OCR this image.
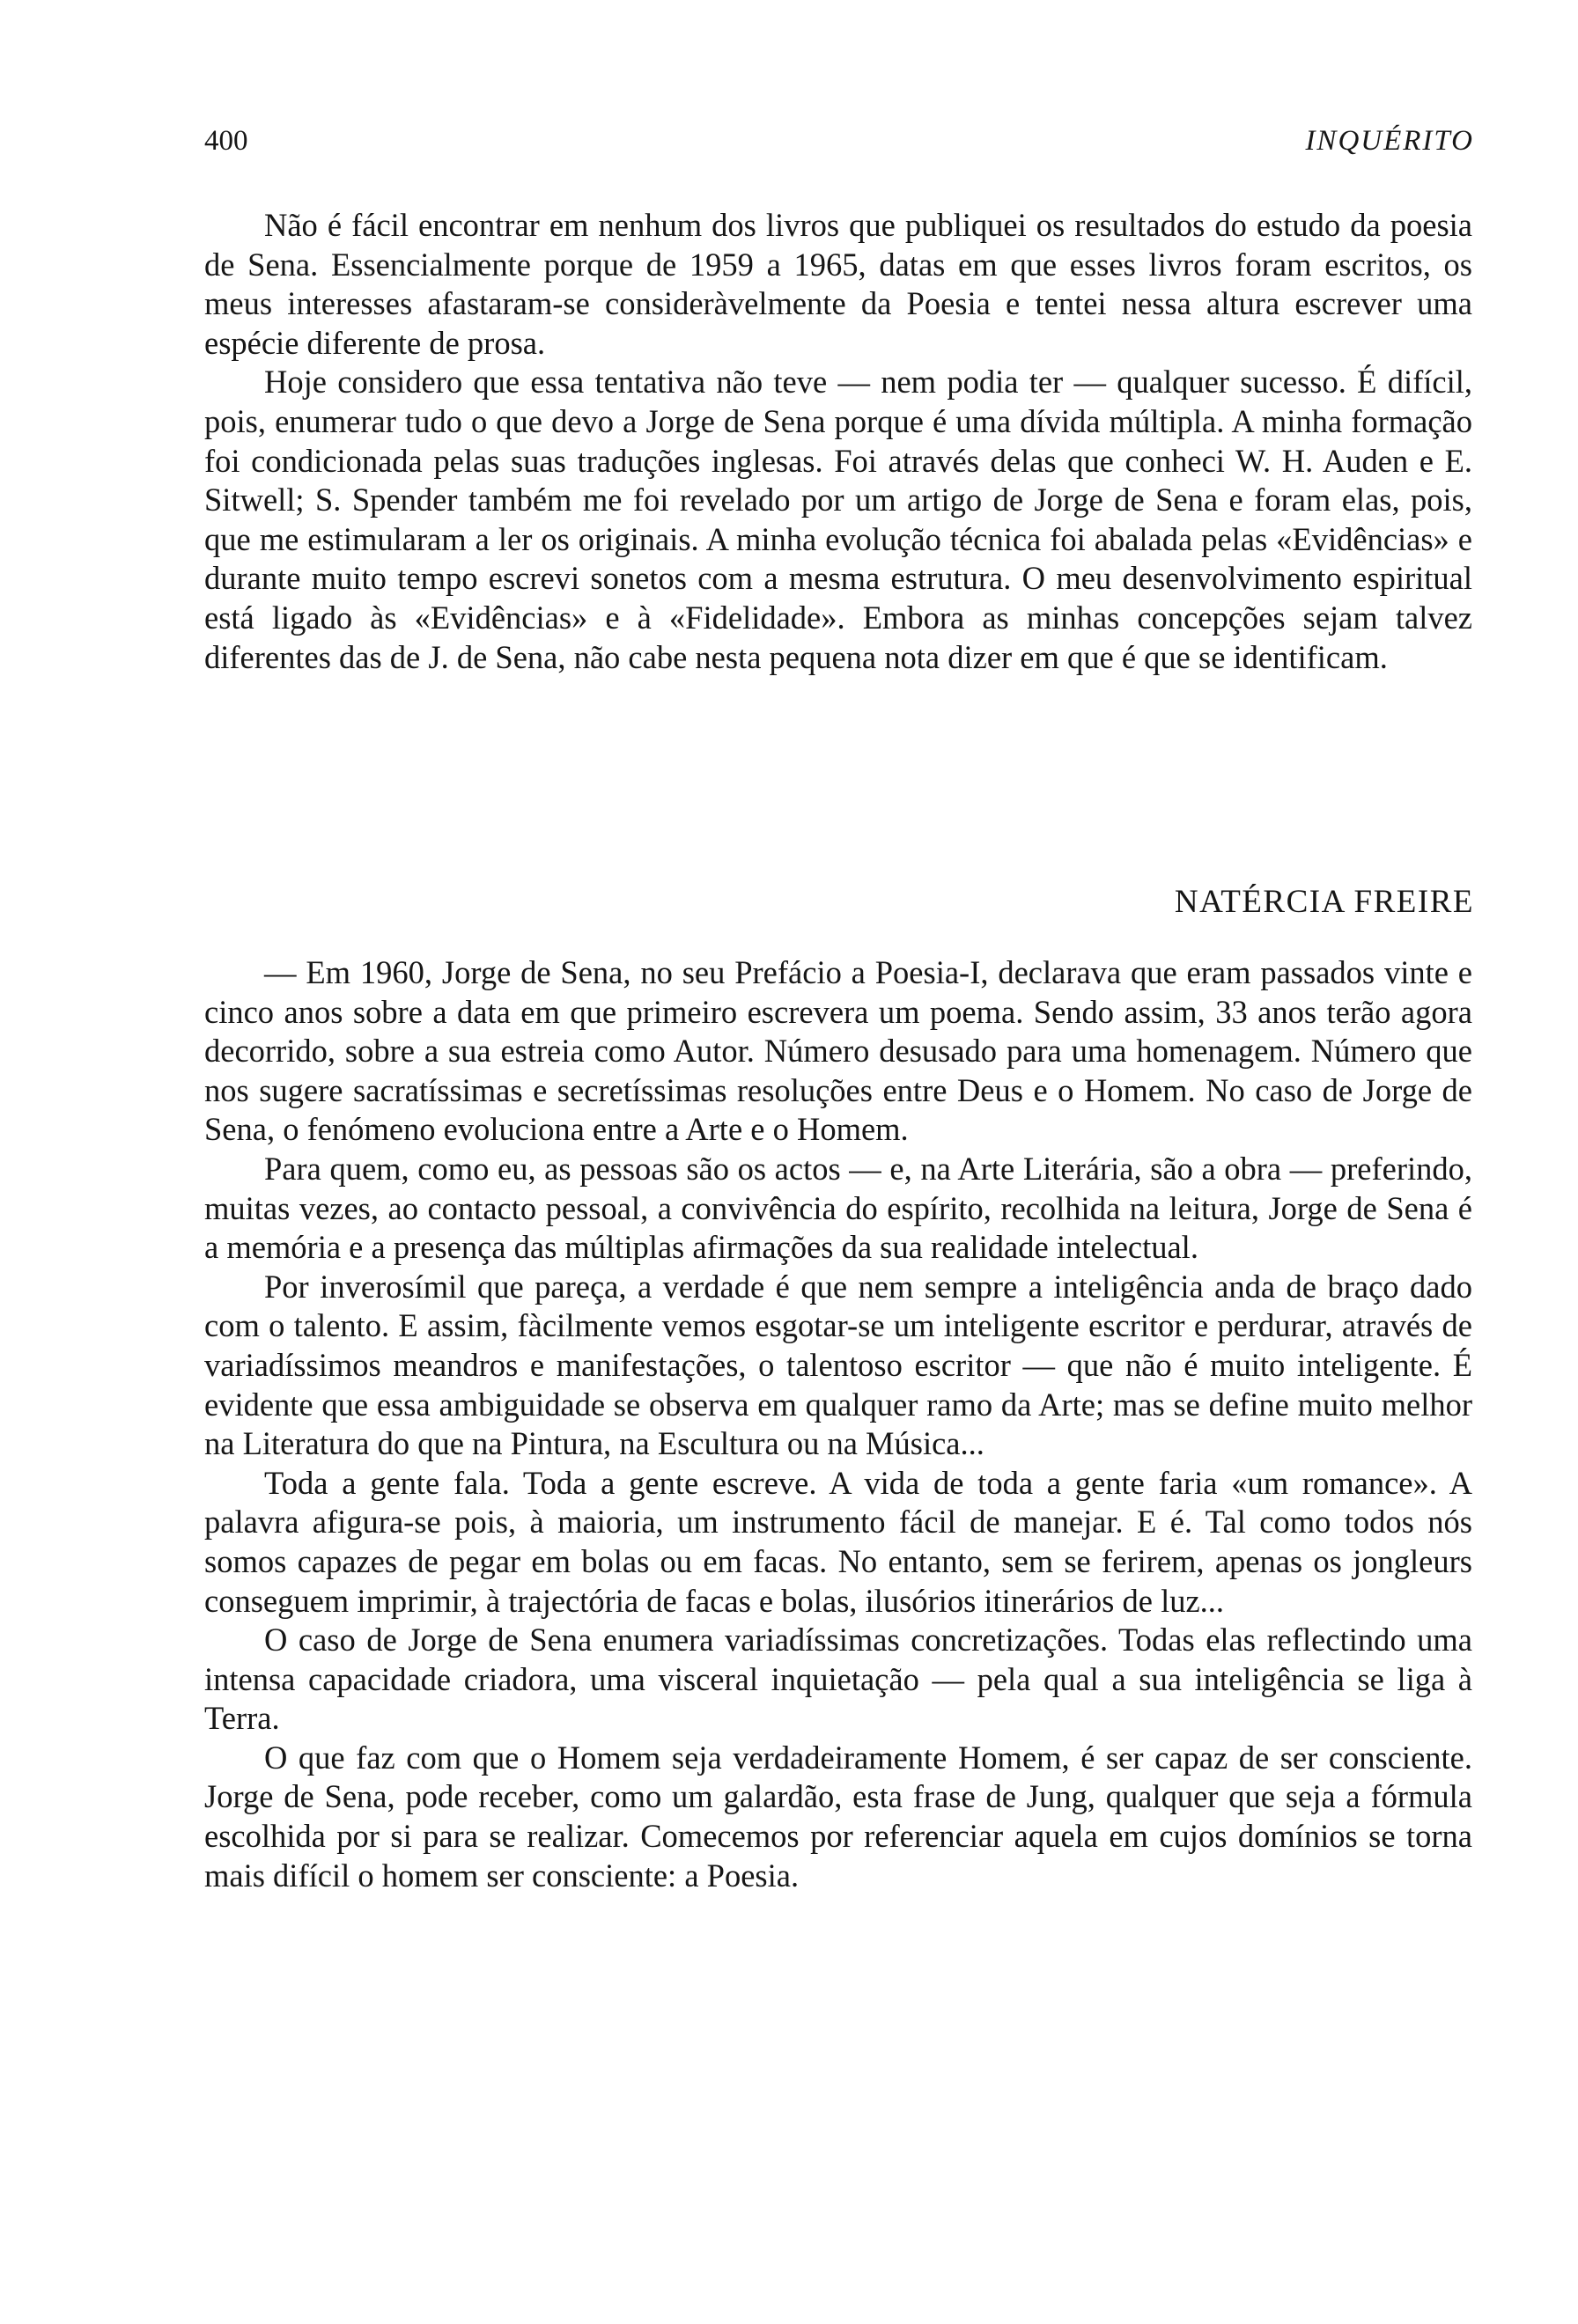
400	INQUÉRITO

Não é fácil encontrar em nenhum dos livros que publiquei os resultados do estudo da poesia de Sena. Essencialmente porque de 1959 a 1965, datas em que esses livros foram escritos, os meus interesses afastaram-se consideràvelmente da Poesia e tentei nessa altura escrever uma espécie diferente de prosa.

Hoje considero que essa tentativa não teve — nem podia ter — qualquer sucesso. É difícil, pois, enumerar tudo o que devo a Jorge de Sena porque é uma dívida múltipla. A minha formação foi condicionada pelas suas traduções inglesas. Foi através delas que conheci W. H. Auden e E. Sitwell; S. Spender também me foi revelado por um artigo de Jorge de Sena e foram elas, pois, que me estimularam a ler os originais. A minha evolução técnica foi abalada pelas «Evidências» e durante muito tempo escrevi sonetos com a mesma estrutura. O meu desenvolvimento espiritual está ligado às «Evidências» e à «Fidelidade». Embora as minhas concepções sejam talvez diferentes das de J. de Sena, não cabe nesta pequena nota dizer em que é que se identificam.

NATÉRCIA FREIRE

— Em 1960, Jorge de Sena, no seu Prefácio a Poesia-I, declarava que eram passados vinte e cinco anos sobre a data em que primeiro escrevera um poema. Sendo assim, 33 anos terão agora decorrido, sobre a sua estreia como Autor. Número desusado para uma homenagem. Número que nos sugere sacratíssimas e secretíssimas resoluções entre Deus e o Homem. No caso de Jorge de Sena, o fenómeno evoluciona entre a Arte e o Homem.

Para quem, como eu, as pessoas são os actos — e, na Arte Literária, são a obra — preferindo, muitas vezes, ao contacto pessoal, a convivência do espírito, recolhida na leitura, Jorge de Sena é a memória e a presença das múltiplas afirmações da sua realidade intelectual.

Por inverosímil que pareça, a verdade é que nem sempre a inteligência anda de braço dado com o talento. E assim, fàcilmente vemos esgotar-se um inteligente escritor e perdurar, através de variadíssimos meandros e manifestações, o talentoso escritor — que não é muito inteligente. É evidente que essa ambiguidade se observa em qualquer ramo da Arte; mas se define muito melhor na Literatura do que na Pintura, na Escultura ou na Música...

Toda a gente fala. Toda a gente escreve. A vida de toda a gente faria «um romance». A palavra afigura-se pois, à maioria, um instrumento fácil de manejar. E é. Tal como todos nós somos capazes de pegar em bolas ou em facas. No entanto, sem se ferirem, apenas os jongleurs conseguem imprimir, à trajectória de facas e bolas, ilusórios itinerários de luz...

O caso de Jorge de Sena enumera variadíssimas concretizações. Todas elas reflectindo uma intensa capacidade criadora, uma visceral inquietação — pela qual a sua inteligência se liga à Terra.

O que faz com que o Homem seja verdadeiramente Homem, é ser capaz de ser consciente. Jorge de Sena, pode receber, como um galardão, esta frase de Jung, qualquer que seja a fórmula escolhida por si para se realizar. Comecemos por referenciar aquela em cujos domínios se torna mais difícil o homem ser consciente: a Poesia.
